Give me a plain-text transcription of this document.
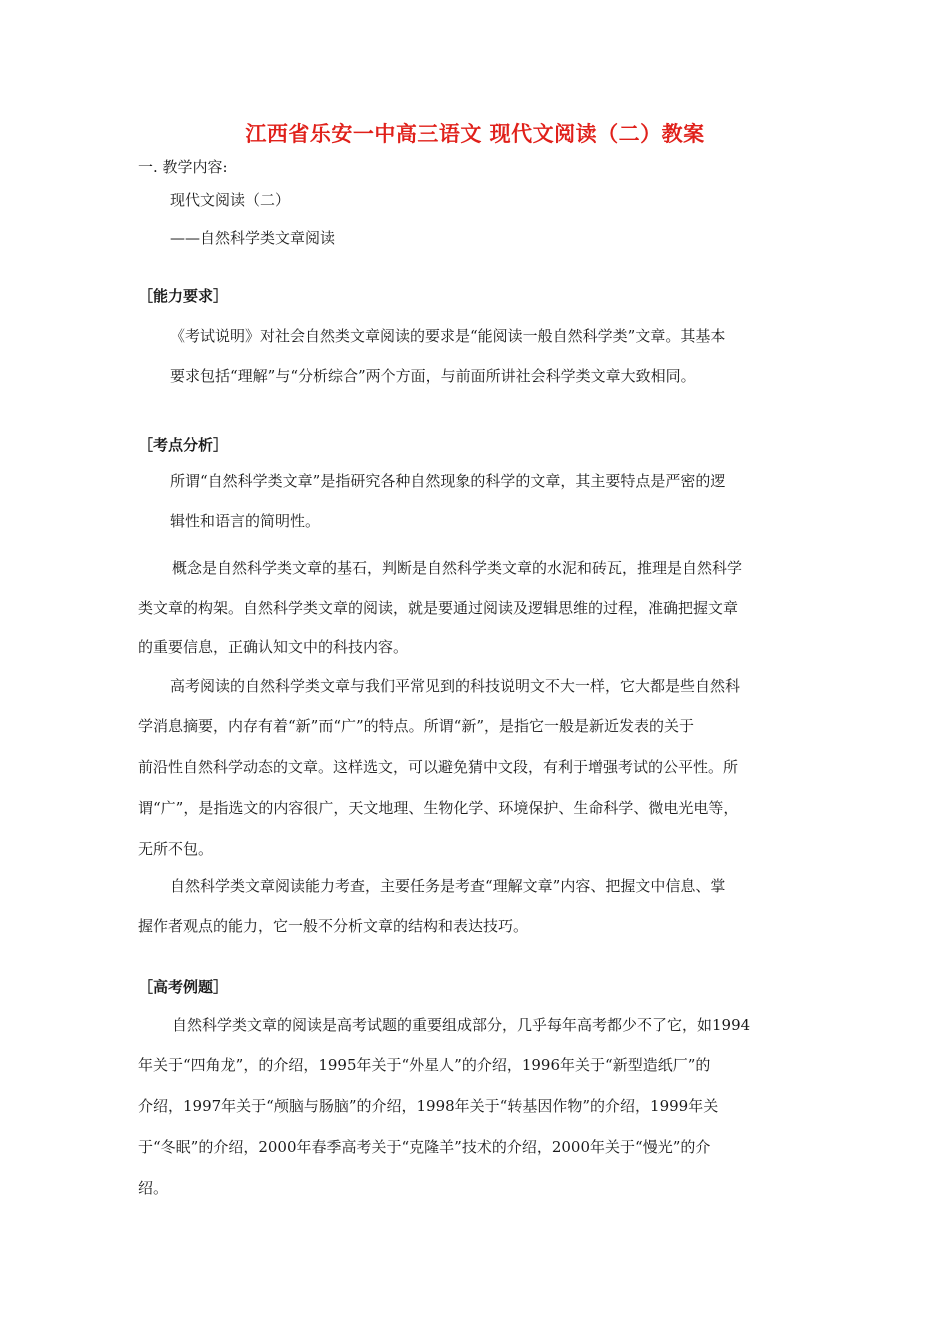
江西省乐安一中高三语文 现代文阅读（二）教案
一. 教学内容:
现代文阅读（二）
——自然科学类文章阅读
［能力要求］
《考试说明》对社会自然类文章阅读的要求是“能阅读一般自然科学类”文章。其基本
要求包括“理解”与“分析综合”两个方面，与前面所讲社会科学类文章大致相同。
［考点分析］
所谓“自然科学类文章”是指研究各种自然现象的科学的文章，其主要特点是严密的逻
辑性和语言的简明性。
概念是自然科学类文章的基石，判断是自然科学类文章的水泥和砖瓦，推理是自然科学
类文章的构架。自然科学类文章的阅读，就是要通过阅读及逻辑思维的过程，准确把握文章
的重要信息，正确认知文中的科技内容。
高考阅读的自然科学类文章与我们平常见到的科技说明文不大一样，它大都是些自然科
学消息摘要，内存有着“新”而“广”的特点。所谓“新”，是指它一般是新近发表的关于
前沿性自然科学动态的文章。这样选文，可以避免猜中文段，有利于增强考试的公平性。所
谓“广”，是指选文的内容很广，天文地理、生物化学、环境保护、生命科学、微电光电等，
无所不包。
自然科学类文章阅读能力考查，主要任务是考查“理解文章”内容、把握文中信息、掌
握作者观点的能力，它一般不分析文章的结构和表达技巧。
［高考例题］
自然科学类文章的阅读是高考试题的重要组成部分，几乎每年高考都少不了它，如1994
年关于“四角龙”，的介绍，1995年关于“外星人”的介绍，1996年关于“新型造纸厂”的
介绍，1997年关于“颅脑与肠脑”的介绍，1998年关于“转基因作物”的介绍，1999年关
于“冬眠”的介绍，2000年春季高考关于“克隆羊”技术的介绍，2000年关于“慢光”的介
绍。
